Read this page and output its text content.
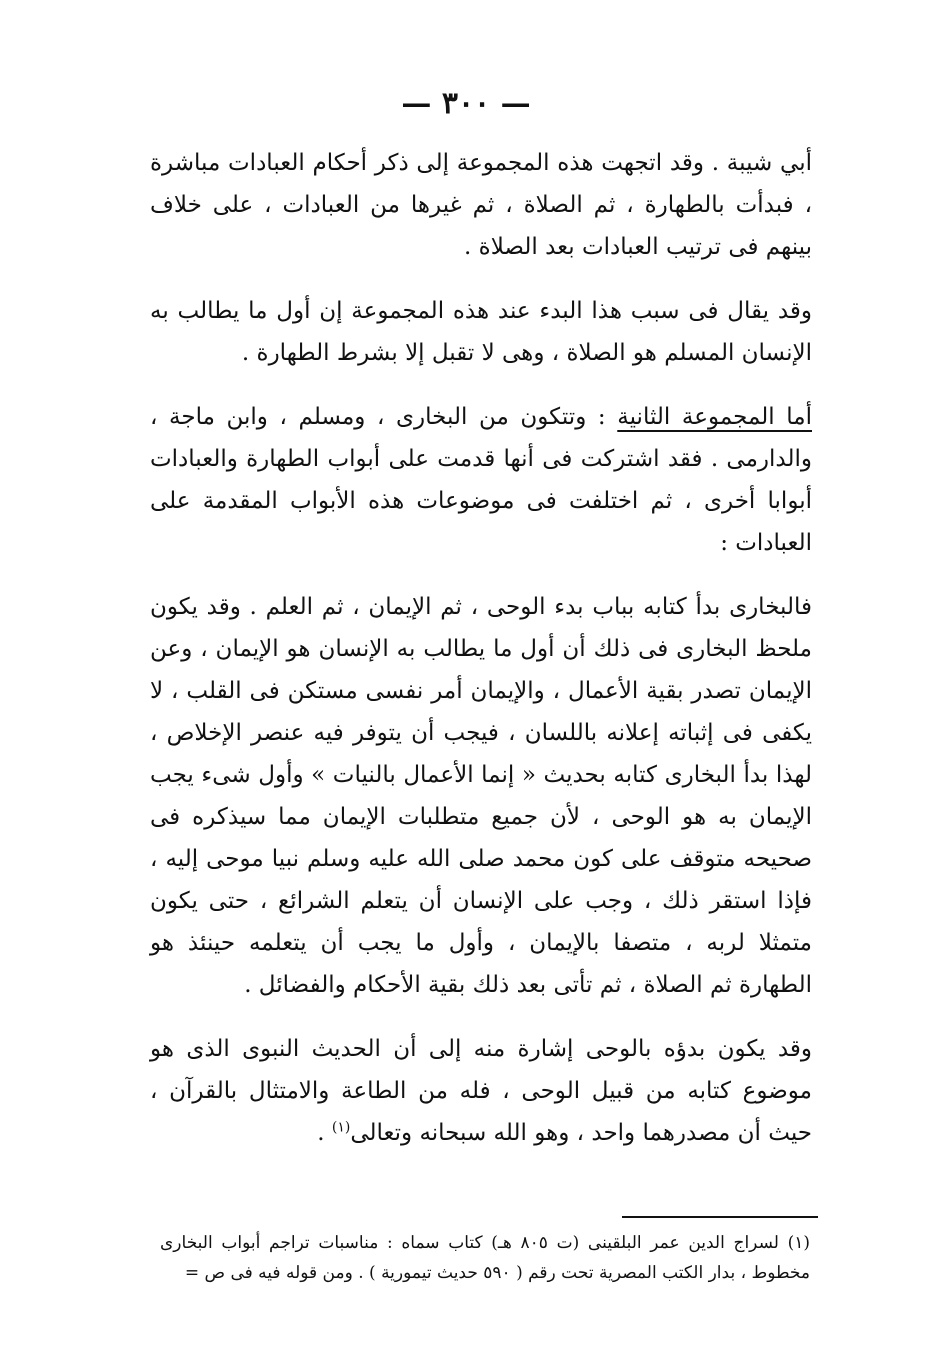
— ٣٠٠ —

أبي شيبة . وقد اتجهت هذه المجموعة إلى ذكر أحكام العبادات مباشرة ، فبدأت بالطهارة ، ثم الصلاة ، ثم غيرها من العبادات ، على خلاف بينهم فى ترتيب العبادات بعد الصلاة .

وقد يقال فى سبب هذا البدء عند هذه المجموعة إن أول ما يطالب به الإنسان المسلم هو الصلاة ، وهى لا تقبل إلا بشرط الطهارة .

أما المجموعة الثانية : وتتكون من البخارى ، ومسلم ، وابن ماجة ، والدارمى . فقد اشتركت فى أنها قدمت على أبواب الطهارة والعبادات أبوابا أخرى ، ثم اختلفت فى موضوعات هذه الأبواب المقدمة على العبادات :

فالبخارى بدأ كتابه بباب بدء الوحى ، ثم الإيمان ، ثم العلم . وقد يكون ملحظ البخارى فى ذلك أن أول ما يطالب به الإنسان هو الإيمان ، وعن الإيمان تصدر بقية الأعمال ، والإيمان أمر نفسى مستكن فى القلب ، لا يكفى فى إثباته إعلانه باللسان ، فيجب أن يتوفر فيه عنصر الإخلاص ، لهذا بدأ البخارى كتابه بحديث « إنما الأعمال بالنيات » وأول شىء يجب الإيمان به هو الوحى ، لأن جميع متطلبات الإيمان مما سيذكره فى صحيحه متوقف على كون محمد صلى الله عليه وسلم نبيا موحى إليه ، فإذا استقر ذلك ، وجب على الإنسان أن يتعلم الشرائع ، حتى يكون متمثلا لربه ، متصفا بالإيمان ، وأول ما يجب أن يتعلمه حينئذ هو الطهارة ثم الصلاة ، ثم تأتى بعد ذلك بقية الأحكام والفضائل .

وقد يكون بدؤه بالوحى إشارة منه إلى أن الحديث النبوى الذى هو موضوع كتابه من قبيل الوحى ، فله من الطاعة والامتثال بالقرآن ، حيث أن مصدرهما واحد ، وهو الله سبحانه وتعالى$^{(١)}$ .

(١) لسراج الدين عمر البلقينى (ت ٨٠٥ هـ) كتاب سماه : مناسبات تراجم أبواب البخارى مخطوط ، بدار الكتب المصرية تحت رقم ( ٥٩٠ حديث تيمورية ) . ومن قوله فيه فى ص =
